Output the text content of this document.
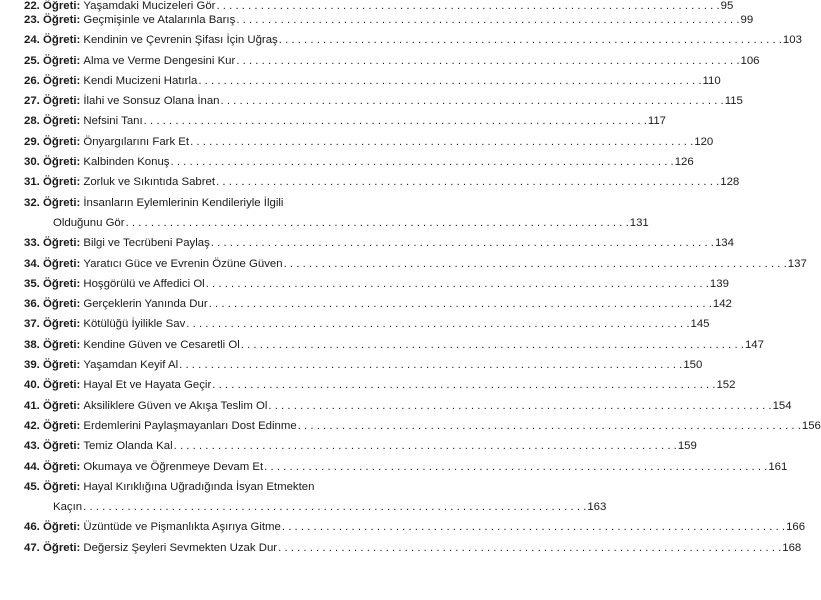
22. Öğreti: Yaşamdaki Mucizeleri Gör . . .	95
23. Öğreti: Geçmişinle ve Atalarınla Barış . . .	99
24. Öğreti: Kendinin ve Çevrenin Şifası İçin Uğraş . . .	103
25. Öğreti: Alma ve Verme Dengesini Kur . . .	106
26. Öğreti: Kendi Mucizeni Hatırla . . .	110
27. Öğreti: İlahi ve Sonsuz Olana İnan . . .	115
28. Öğreti: Nefsini Tanı . . .	117
29. Öğreti: Önyargılarını Fark Et . . .	120
30. Öğreti: Kalbinden Konuş . . .	126
31. Öğreti: Zorluk ve Sıkıntıda Sabret . . .	128
32. Öğreti: İnsanların Eylemlerinin Kendileriyle İlgili
Olduğunu Gör . . .	131
33. Öğreti: Bilgi ve Tecrübeni Paylaş . . .	134
34. Öğreti: Yaratıcı Güce ve Evrenin Özüne Güven . . .	137
35. Öğreti: Hoşgörülü ve Affedici Ol . . .	139
36. Öğreti: Gerçeklerin Yanında Dur . . .	142
37. Öğreti: Kötülüğü İyilikle Sav . . .	145
38. Öğreti: Kendine Güven ve Cesaretli Ol . . .	147
39. Öğreti: Yaşamdan Keyif Al . . .	150
40. Öğreti: Hayal Et ve Hayata Geçir . . .	152
41. Öğreti: Aksiliklere Güven ve Akışa Teslim Ol . . .	154
42. Öğreti: Erdemlerini Paylaşmayanları Dost Edinme . . .	156
43. Öğreti: Temiz Olanda Kal . . .	159
44. Öğreti: Okumaya ve Öğrenmeye Devam Et . . .	161
45. Öğreti: Hayal Kırıklığına Uğradığında İsyan Etmekten
Kaçın . . .	163
46. Öğreti: Üzüntüde ve Pişmanlıkta Aşırıya Gitme . . .	166
47. Öğreti: Değersiz Şeyleri Sevmekten Uzak Dur . . .	168
